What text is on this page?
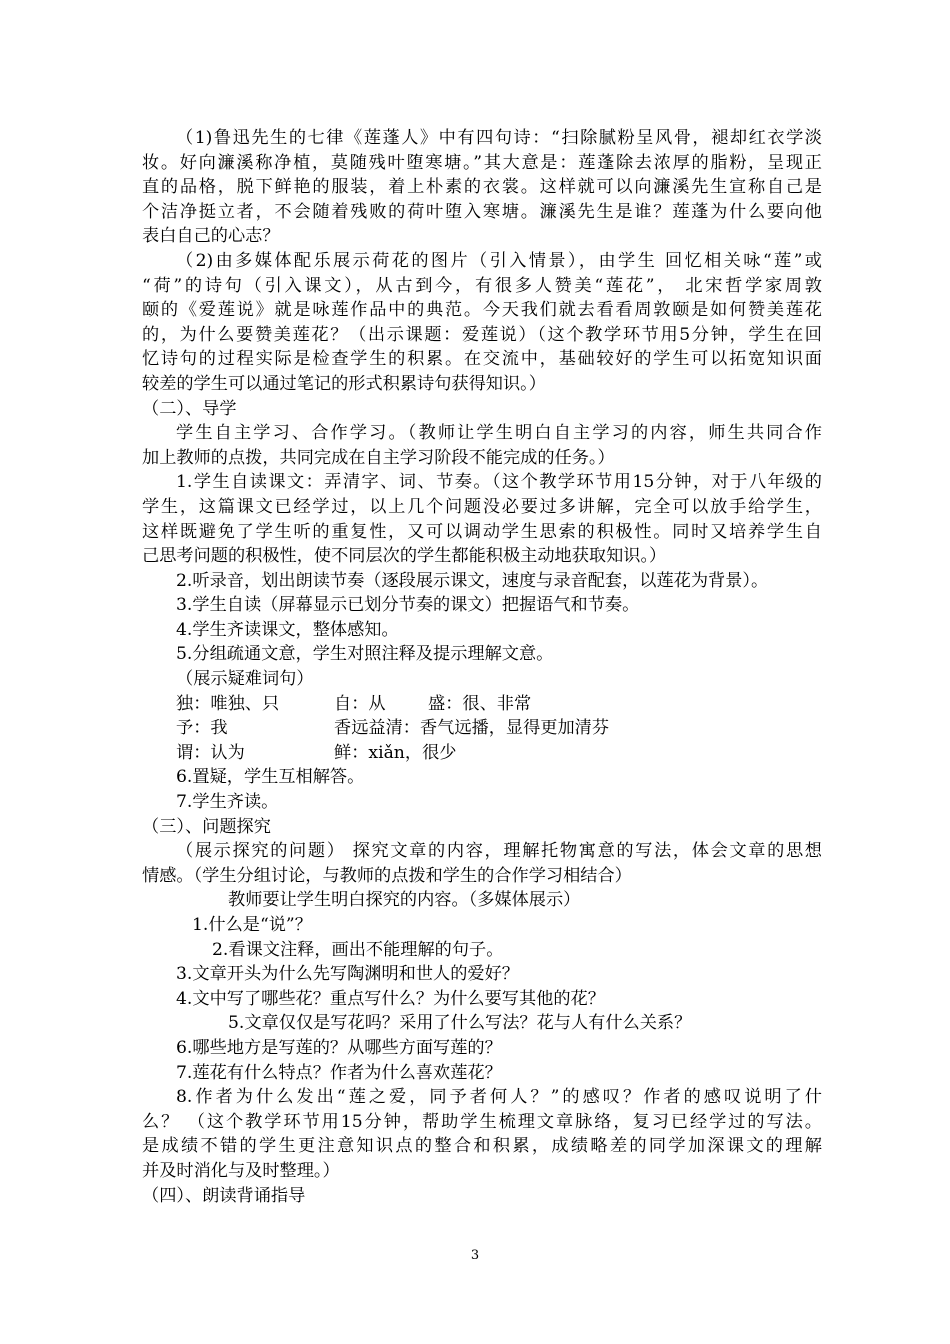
（1)鲁迅先生的七律《莲蓬人》中有四句诗：“扫除腻粉呈风骨，褪却红衣学淡
妆。好向濂溪称净植，莫随残叶堕寒塘。”其大意是：莲蓬除去浓厚的脂粉，呈现正
直的品格，脱下鲜艳的服装，着上朴素的衣裳。这样就可以向濂溪先生宣称自己是
个洁净挺立者，不会随着残败的荷叶堕入寒塘。濂溪先生是谁？莲蓬为什么要向他
表白自己的心志？
（2)由多媒体配乐展示荷花的图片（引入情景），由学生 回忆相关咏“莲”或
“荷”的诗句（引入课文），从古到今，有很多人赞美“莲花”， 北宋哲学家周敦
颐的《爱莲说》就是咏莲作品中的典范。今天我们就去看看周敦颐是如何赞美莲花
的，为什么要赞美莲花？（出示课题：爱莲说）（这个教学环节用5分钟，学生在回
忆诗句的过程实际是检查学生的积累。在交流中，基础较好的学生可以拓宽知识面
较差的学生可以通过笔记的形式积累诗句获得知识。）
（二）、导学
学生自主学习、合作学习。（教师让学生明白自主学习的内容，师生共同合作
加上教师的点拨，共同完成在自主学习阶段不能完成的任务。）
1.学生自读课文：弄清字、词、节奏。（这个教学环节用15分钟，对于八年级的
学生，这篇课文已经学过，以上几个问题没必要过多讲解，完全可以放手给学生，
这样既避免了学生听的重复性，又可以调动学生思索的积极性。同时又培养学生自
己思考问题的积极性，使不同层次的学生都能积极主动地获取知识。）
2.听录音，划出朗读节奏（逐段展示课文，速度与录音配套，以莲花为背景）。
3.学生自读（屏幕显示已划分节奏的课文）把握语气和节奏。
4.学生齐读课文，整体感知。
5.分组疏通文意，学生对照注释及提示理解文意。
（展示疑难词句）
独：唯独、只	自：从	盛：很、非常
予：我	香远益清：香气远播，显得更加清芬
谓：认为	鲜：xiǎn，很少
6.置疑，学生互相解答。
7.学生齐读。
（三）、问题探究
（展示探究的问题） 探究文章的内容，理解托物寓意的写法，体会文章的思想
情感。（学生分组讨论，与教师的点拨和学生的合作学习相结合）
教师要让学生明白探究的内容。（多媒体展示）
1.什么是“说”？
2.看课文注释，画出不能理解的句子。
3.文章开头为什么先写陶渊明和世人的爱好？
4.文中写了哪些花？重点写什么？为什么要写其他的花？
5.文章仅仅是写花吗？采用了什么写法？花与人有什么关系？
6.哪些地方是写莲的？从哪些方面写莲的？
7.莲花有什么特点？作者为什么喜欢莲花？
8.作者为什么发出“莲之爱，同予者何人？”的感叹？作者的感叹说明了什
么？ （这个教学环节用15分钟，帮助学生梳理文章脉络，复习已经学过的写法。
是成绩不错的学生更注意知识点的整合和积累，成绩略差的同学加深课文的理解
并及时消化与及时整理。）
（四）、朗读背诵指导
3
